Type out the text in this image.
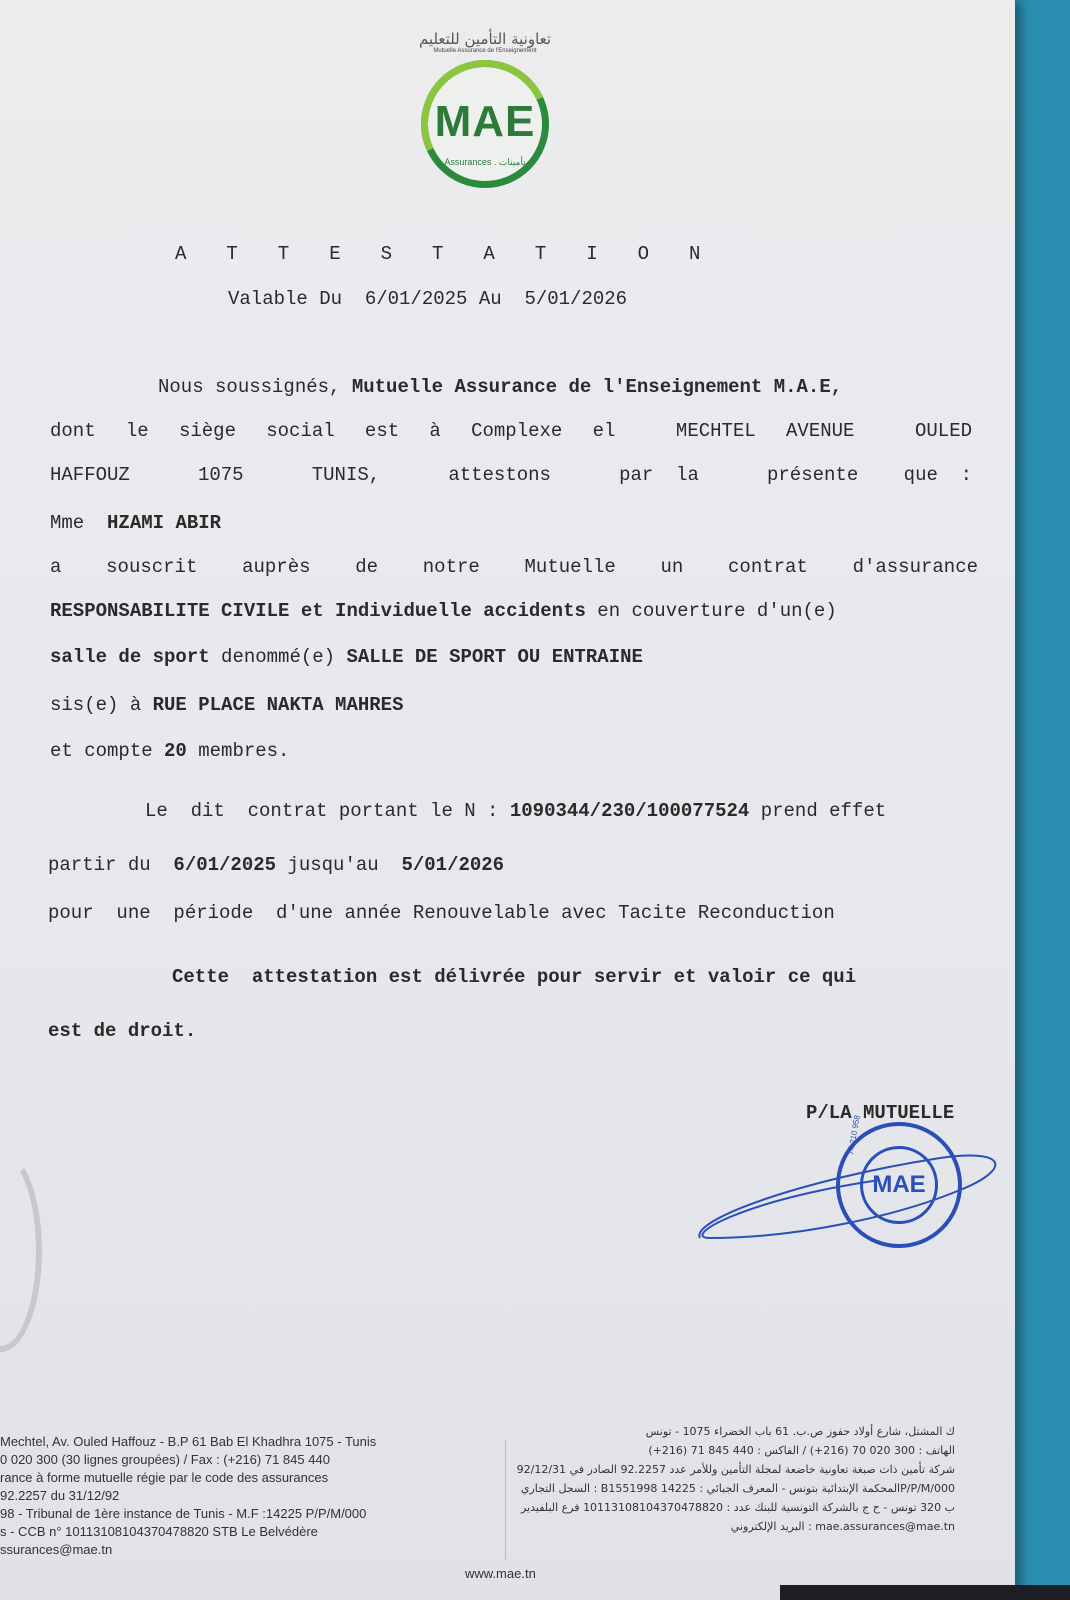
تعاونية التأمين للتعليم
Mutuelle Assurance de l'Enseignement
MAE
Assurances . تأمينات
ATTESTATION
Valable Du  6/01/2025 Au  5/01/2026
Nous soussignés, Mutuelle Assurance de l'Enseignement M.A.E,
dont le siège social est à Complexe el  MECHTEL AVENUE  OULED
HAFFOUZ   1075   TUNIS,   attestons   par la   présente  que :
Mme HZAMI ABIR
a  souscrit  auprès  de  notre  Mutuelle  un  contrat  d'assurance
RESPONSABILITE CIVILE et Individuelle accidents en couverture d'un(e)
salle de sport denommé(e) SALLE DE SPORT OU ENTRAINE
sis(e) à RUE PLACE NAKTA MAHRES
et compte 20 membres.
Le  dit  contrat portant le N : 1090344/230/100077524 prend effet
partir du  6/01/2025 jusqu'au  5/01/2026
pour  une  période  d'une année Renouvelable avec Tacite Reconduction
Cette  attestation est délivrée pour servir et valoir ce qui
est de droit.
P/LA MUTUELLE
74 210 958
MAE
Mechtel, Av. Ouled Haffouz - B.P 61 Bab El Khadhra 1075 - Tunis
0 020 300 (30 lignes groupées) / Fax : (+216) 71 845 440
rance à forme mutuelle régie par le code des assurances
92.2257 du 31/12/92
98 - Tribunal de 1ère instance de Tunis - M.F :14225 P/P/M/000
s - CCB n° 10113108104370478820 STB Le Belvédère
ssurances@mae.tn
ك المشتل، شارع أولاد حفوز ص.ب. 61 باب الخضراء 1075 - تونس
الهاتف : 300 020 70 (216+) / الفاكس : 440 845 71 (216+)
شركة تأمين ذات صبغة تعاونية خاضعة لمجلة التأمين وللأمر عدد 92.2257 الصادر في 92/12/31
السجل التجاري : B1551998 المحكمة الإبتدائية بتونس - المعرف الجبائي : 14225P/P/M/000
ب 320 تونس - ح ج بالشركة التونسية للبنك عدد : 10113108104370478820 فرع البلفيدير
البريد الإلكتروني : mae.assurances@mae.tn
www.mae.tn
